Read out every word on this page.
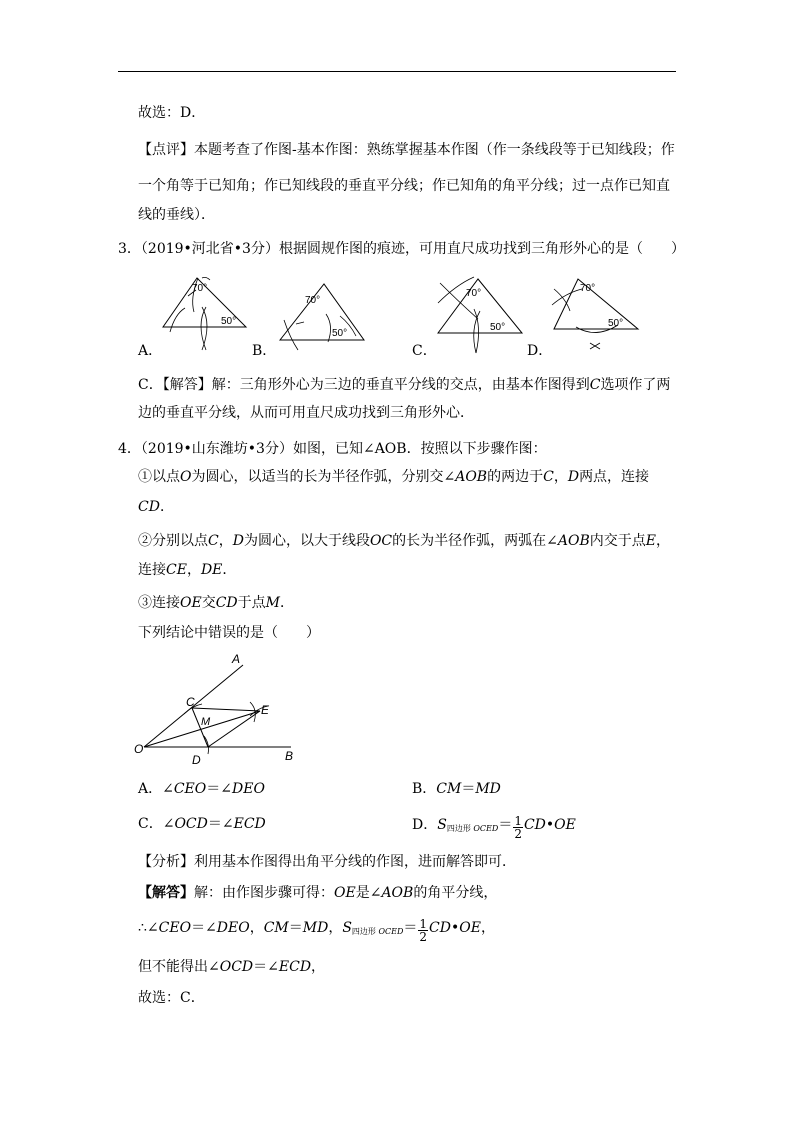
故选：D．
【点评】本题考查了作图-基本作图：熟练掌握基本作图（作一条线段等于已知线段；作
一个角等于已知角；作已知线段的垂直平分线；作已知角的角平分线；过一点作已知直
线的垂线）．
3．（2019•河北省•3分）根据圆规作图的痕迹，可用直尺成功找到三角形外心的是（　　）
70°
50°
A．
70°
50°
B．
70°
50°
C．
70°
50°
D．
C．【解答】解：三角形外心为三边的垂直平分线的交点，由基本作图得到C选项作了两
边的垂直平分线，从而可用直尺成功找到三角形外心．
4．（2019•山东潍坊•3分）如图，已知∠AOB．按照以下步骤作图：
①以点O为圆心，以适当的长为半径作弧，分别交∠AOB的两边于C，D两点，连接
CD．
②分别以点C，D为圆心，以大于线段OC的长为半径作弧，两弧在∠AOB内交于点E，
连接CE，DE．
③连接OE交CD于点M．
下列结论中错误的是（　　）
A
B
C
D
E
M
O
A．∠CEO＝∠DEO	B．CM＝MD
C．∠OCD＝∠ECD	D．$S_{四边形 OCED}= \frac{1}{2}$ CD•OE
【分析】利用基本作图得出角平分线的作图，进而解答即可．
【解答】解：由作图步骤可得：OE是∠AOB的角平分线，
∴∠CEO＝∠DEO，CM＝MD，$S_{四边形 OCED}= \frac{1}{2}$ CD•OE，
但不能得出∠OCD＝∠ECD，
故选：C．
